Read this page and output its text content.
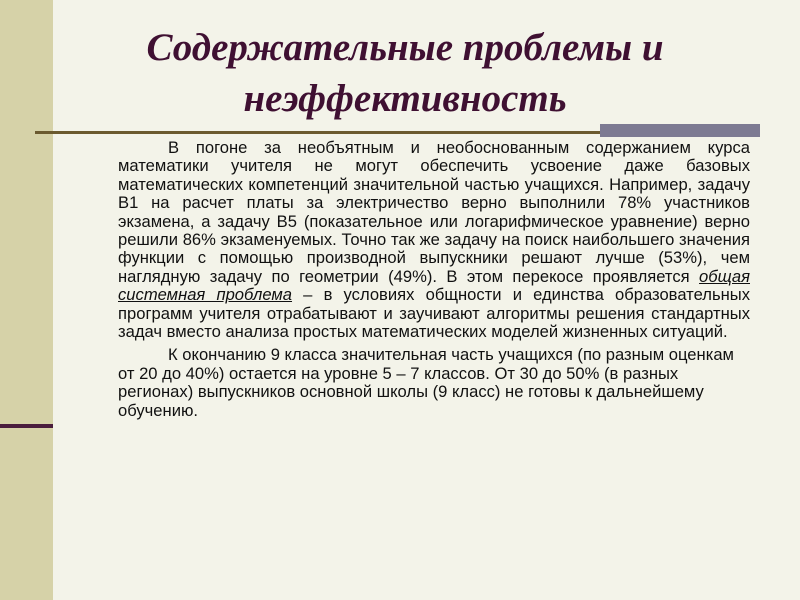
Содержательные проблемы и
неэффективность

В погоне за необъятным и необоснованным содержанием курса математики учителя не могут обеспечить усвоение даже базовых математических компетенций значительной частью учащихся. Например, задачу В1 на расчет платы за электричество верно выполнили 78% участников экзамена, а задачу В5 (показательное или логарифмическое уравнение) верно решили 86% экзаменуемых. Точно так же задачу на поиск наибольшего значения функции с помощью производной выпускники решают лучше (53%), чем наглядную задачу по геометрии (49%). В этом перекосе проявляется общая системная проблема – в условиях общности и единства образовательных программ учителя отрабатывают и заучивают алгоритмы решения стандартных задач вместо анализа простых математических моделей жизненных ситуаций.

К окончанию 9 класса значительная часть учащихся (по разным оценкам от 20 до 40%) остается на уровне 5 – 7 классов. От 30 до 50% (в разных регионах) выпускников основной школы (9 класс) не готовы к дальнейшему обучению.
